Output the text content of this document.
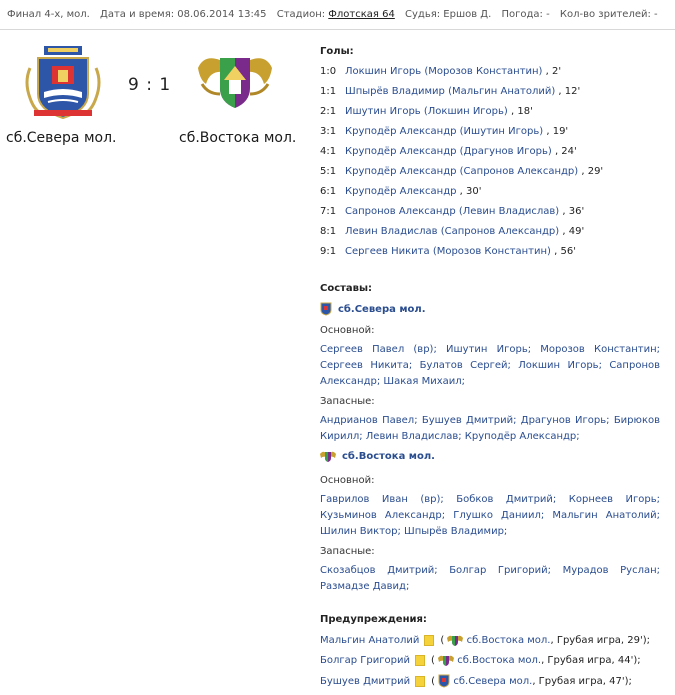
Финал 4-х, мол. Дата и время: 08.06.2014 13:45 Стадион: Флотская 64 Судья: Ершов Д. Погода: - Кол-во зрителей: -
9 : 1
сб.Севера мол.	сб.Востока мол.
Голы:
1:0 Локшин Игорь (Морозов Константин) , 2'
1:1 Шпырёв Владимир (Мальгин Анатолий) , 12'
2:1 Ишутин Игорь (Локшин Игорь) , 18'
3:1 Круподёр Александр (Ишутин Игорь) , 19'
4:1 Круподёр Александр (Драгунов Игорь) , 24'
5:1 Круподёр Александр (Сапронов Александр) , 29'
6:1 Круподёр Александр , 30'
7:1 Сапронов Александр (Левин Владислав) , 36'
8:1 Левин Владислав (Сапронов Александр) , 49'
9:1 Сергеев Никита (Морозов Константин) , 56'
Составы:
сб.Севера мол.
Основной:
Сергеев Павел (вр); Ишутин Игорь; Морозов Константин; Сергеев Никита; Булатов Сергей; Локшин Игорь; Сапронов Александр; Шакая Михаил;
Запасные:
Андрианов Павел; Бушуев Дмитрий; Драгунов Игорь; Бирюков Кирилл; Левин Владислав; Круподёр Александр;
сб.Востока мол.
Основной:
Гаврилов Иван (вр); Бобков Дмитрий; Корнеев Игорь; Кузьминов Александр; Глушко Даниил; Мальгин Анатолий; Шилин Виктор; Шпырёв Владимир;
Запасные:
Скозабцов Дмитрий; Болгар Григорий; Мурадов Руслан; Размадзе Давид;
Предупреждения:
Мальгин Анатолий ( сб.Востока мол., Грубая игра, 29');
Болгар Григорий ( сб.Востока мол., Грубая игра, 44');
Бушуев Дмитрий ( сб.Севера мол., Грубая игра, 47');
